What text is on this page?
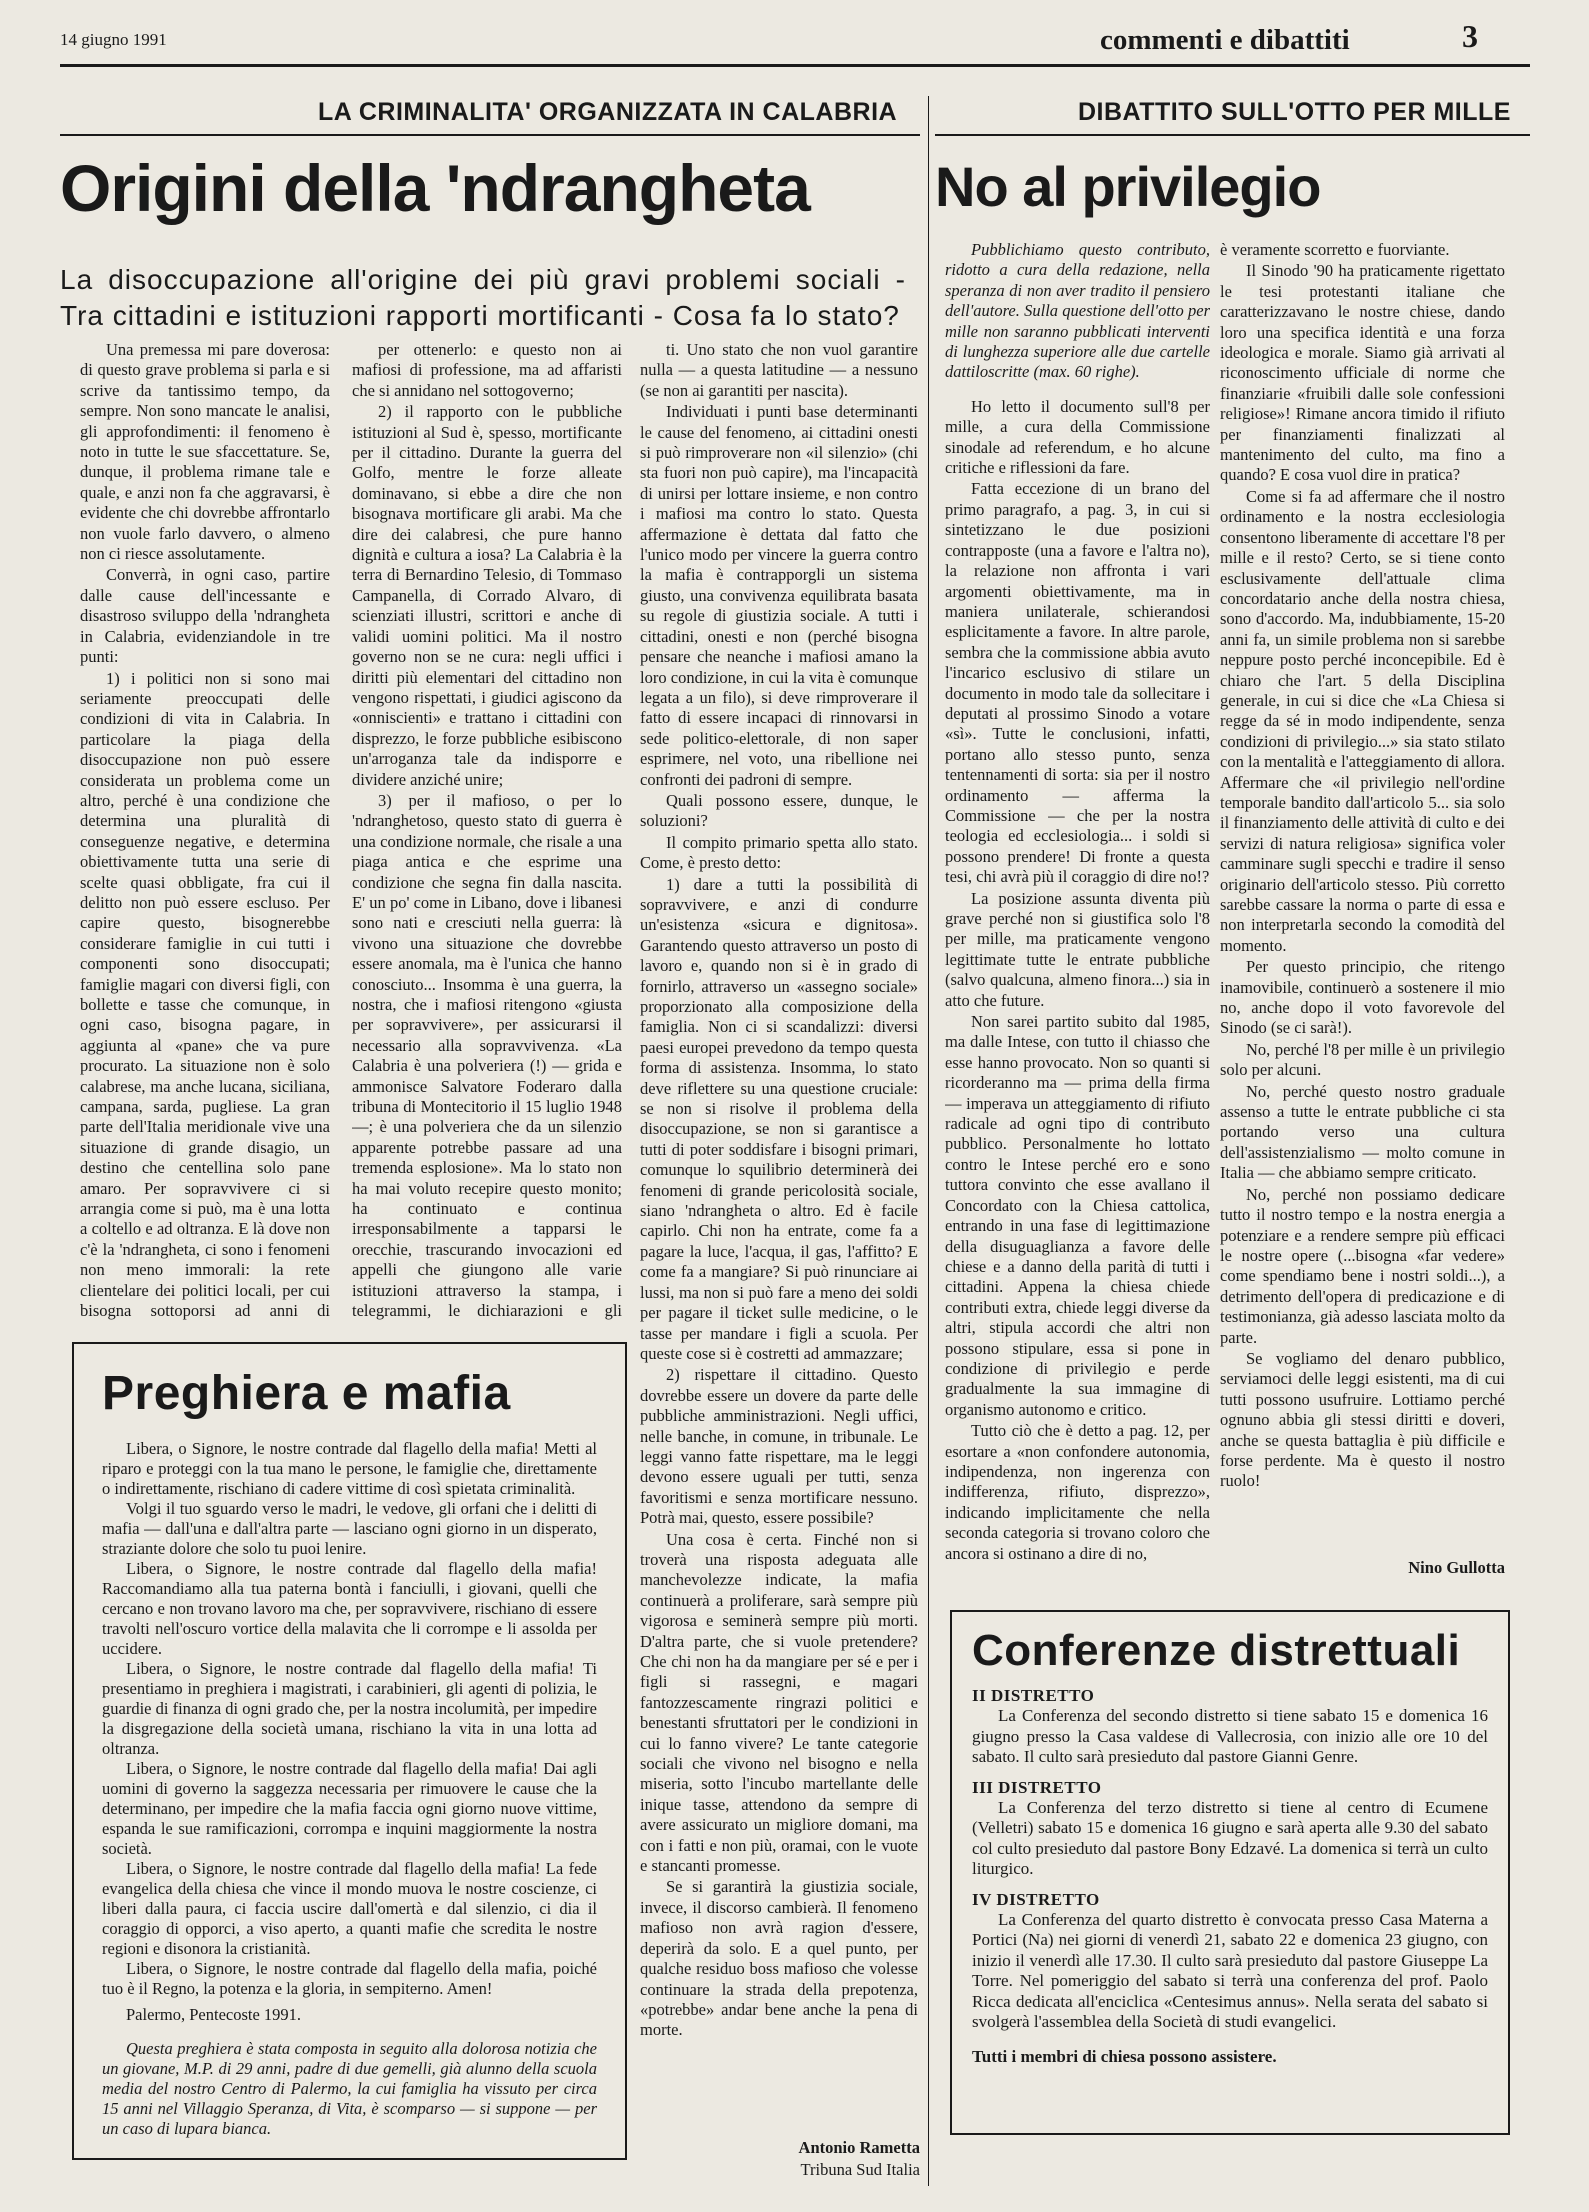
14 giugno 1991	commenti e dibattiti	3
LA CRIMINALITA' ORGANIZZATA IN CALABRIA
Origini della 'ndrangheta
DIBATTITO SULL'OTTO PER MILLE
No al privilegio
La disoccupazione all'origine dei più gravi problemi sociali - Tra cittadini e istituzioni rapporti mortificanti - Cosa fa lo stato?

Una premessa mi pare doverosa: di questo grave problema si parla e si scrive da tantissimo tempo, da sempre. Non sono mancate le analisi, gli approfondimenti: il fenomeno è noto in tutte le sue sfaccettature. Se, dunque, il problema rimane tale e quale, e anzi non fa che aggravarsi, è evidente che chi dovrebbe affrontarlo non vuole farlo davvero, o almeno non ci riesce assolutamente.

Converrà, in ogni caso, partire dalle cause dell'incessante e disastroso sviluppo della 'ndrangheta in Calabria, evidenziandole in tre punti:

1) i politici non si sono mai seriamente preoccupati delle condizioni di vita in Calabria. In particolare la piaga della disoccupazione non può essere considerata un problema come un altro, perché è una condizione che determina una pluralità di conseguenze negative, e determina obiettivamente tutta una serie di scelte quasi obbligate, fra cui il delitto non può essere escluso. Per capire questo, bisognerebbe considerare famiglie in cui tutti i componenti sono disoccupati; famiglie magari con diversi figli, con bollette e tasse che comunque, in ogni caso, bisogna pagare, in aggiunta al «pane» che va pure procurato. La situazione non è solo calabrese, ma anche lucana, siciliana, campana, sarda, pugliese. La gran parte dell'Italia meridionale vive una situazione di grande disagio, un destino che centellina solo pane amaro. Per sopravvivere ci si arrangia come si può, ma è una lotta a coltello e ad oltranza. E là dove non c'è la 'ndrangheta, ci sono i fenomeni non meno immorali: la rete clientelare dei politici locali, per cui bisogna sottoporsi ad anni di

per ottenerlo: e questo non ai mafiosi di professione, ma ad affaristi che si annidano nel sottogoverno;

2) il rapporto con le pubbliche istituzioni al Sud è, spesso, mortificante per il cittadino. Durante la guerra del Golfo, mentre le forze alleate dominavano, si ebbe a dire che non bisognava mortificare gli arabi. Ma che dire dei calabresi, che pure hanno dignità e cultura a iosa? La Calabria è la terra di Bernardino Telesio, di Tommaso Campanella, di Corrado Alvaro, di scienziati illustri, scrittori e anche di validi uomini politici. Ma il nostro governo non se ne cura: negli uffici i diritti più elementari del cittadino non vengono rispettati, i giudici agiscono da «onniscienti» e trattano i cittadini con disprezzo, le forze pubbliche esibiscono un'arroganza tale da indisporre e dividere anziché unire;

3) per il mafioso, o per lo 'ndranghetoso, questo stato di guerra è una condizione normale, che risale a una piaga antica e che esprime una condizione che segna fin dalla nascita. E' un po' come in Libano, dove i libanesi sono nati e cresciuti nella guerra: là vivono una situazione che dovrebbe essere anomala, ma è l'unica che hanno conosciuto... Insomma è una guerra, la nostra, che i mafiosi ritengono «giusta per sopravvivere», per assicurarsi il necessario alla sopravvivenza. «La Calabria è una polveriera (!) — grida e ammonisce Salvatore Foderaro dalla tribuna di Montecitorio il 15 luglio 1948 —; è una polveriera che da un silenzio apparente potrebbe passare ad una tremenda esplosione». Ma lo stato non ha mai voluto recepire questo monito; ha continuato e continua irresponsabilmente a tapparsi le orecchie, trascurando invocazioni ed appelli che giungono alle varie istituzioni attraverso la stampa, i telegrammi, le dichiarazioni e gli

ti. Uno stato che non vuol garantire nulla — a questa latitudine — a nessuno (se non ai garantiti per nascita).

Individuati i punti base determinanti le cause del fenomeno, ai cittadini onesti si può rimproverare non «il silenzio» (chi sta fuori non può capire), ma l'incapacità di unirsi per lottare insieme, e non contro i mafiosi ma contro lo stato. Questa affermazione è dettata dal fatto che l'unico modo per vincere la guerra contro la mafia è contrapporgli un sistema giusto, una convivenza equilibrata basata su regole di giustizia sociale. A tutti i cittadini, onesti e non (perché bisogna pensare che neanche i mafiosi amano la loro condizione, in cui la vita è comunque legata a un filo), si deve rimproverare il fatto di essere incapaci di rinnovarsi in sede politico-elettorale, di non saper esprimere, nel voto, una ribellione nei confronti dei padroni di sempre.

Quali possono essere, dunque, le soluzioni?

Il compito primario spetta allo stato. Come, è presto detto:

1) dare a tutti la possibilità di sopravvivere, e anzi di condurre un'esistenza «sicura e dignitosa». Garantendo questo attraverso un posto di lavoro e, quando non si è in grado di fornirlo, attraverso un «assegno sociale» proporzionato alla composizione della famiglia. Non ci si scandalizzi: diversi paesi europei prevedono da tempo questa forma di assistenza. Insomma, lo stato deve riflettere su una questione cruciale: se non si risolve il problema della disoccupazione, se non si garantisce a tutti di poter soddisfare i bisogni primari, comunque lo squilibrio determinerà dei fenomeni di grande pericolosità sociale, siano 'ndrangheta o altro. Ed è facile capirlo. Chi non ha entrate, come fa a pagare la luce, l'acqua, il gas, l'affitto? E come fa a mangiare? Si può rinunciare ai lussi, ma non si può fare a meno dei soldi per pagare il ticket sulle medicine, o le tasse per mandare i figli a scuola. Per queste cose si è costretti ad ammazzare;

2) rispettare il cittadino. Questo dovrebbe essere un dovere da parte delle pubbliche amministrazioni. Negli uffici, nelle banche, in comune, in tribunale. Le leggi vanno fatte rispettare, ma le leggi devono essere uguali per tutti, senza favoritismi e senza mortificare nessuno. Potrà mai, questo, essere possibile?

Una cosa è certa. Finché non si troverà una risposta adeguata alle manchevolezze indicate, la mafia continuerà a proliferare, sarà sempre più vigorosa e seminerà sempre più morti. D'altra parte, che si vuole pretendere? Che chi non ha da mangiare per sé e per i figli si rassegni, e magari fantozzescamente ringrazi politici e benestanti sfruttatori per le condizioni in cui lo fanno vivere? Le tante categorie sociali che vivono nel bisogno e nella miseria, sotto l'incubo martellante delle inique tasse, attendono da sempre di avere assicurato un migliore domani, ma con i fatti e non più, oramai, con le vuote e stancanti promesse.

Se si garantirà la giustizia sociale, invece, il discorso cambierà. Il fenomeno mafioso non avrà ragion d'essere, deperirà da solo. E a quel punto, per qualche residuo boss mafioso che volesse continuare la strada della prepotenza, «potrebbe» andar bene anche la pena di morte.

Antonio Rametta
Tribuna Sud Italia

Pubblichiamo questo contributo, ridotto a cura della redazione, nella speranza di non aver tradito il pensiero dell'autore. Sulla questione dell'otto per mille non saranno pubblicati interventi di lunghezza superiore alle due cartelle dattiloscritte (max. 60 righe).

Ho letto il documento sull'8 per mille, a cura della Commissione sinodale ad referendum, e ho alcune critiche e riflessioni da fare.

Fatta eccezione di un brano del primo paragrafo, a pag. 3, in cui si sintetizzano le due posizioni contrapposte (una a favore e l'altra no), la relazione non affronta i vari argomenti obiettivamente, ma in maniera unilaterale, schierandosi esplicitamente a favore. In altre parole, sembra che la commissione abbia avuto l'incarico esclusivo di stilare un documento in modo tale da sollecitare i deputati al prossimo Sinodo a votare «sì». Tutte le conclusioni, infatti, portano allo stesso punto, senza tentennamenti di sorta: sia per il nostro ordinamento — afferma la Commissione — che per la nostra teologia ed ecclesiologia... i soldi si possono prendere! Di fronte a questa tesi, chi avrà più il coraggio di dire no!?

La posizione assunta diventa più grave perché non si giustifica solo l'8 per mille, ma praticamente vengono legittimate tutte le entrate pubbliche (salvo qualcuna, almeno finora...) sia in atto che future.

Non sarei partito subito dal 1985, ma dalle Intese, con tutto il chiasso che esse hanno provocato. Non so quanti si ricorderanno ma — prima della firma — imperava un atteggiamento di rifiuto radicale ad ogni tipo di contributo pubblico. Personalmente ho lottato contro le Intese perché ero e sono tuttora convinto che esse avallano il Concordato con la Chiesa cattolica, entrando in una fase di legittimazione della disuguaglianza a favore delle chiese e a danno della parità di tutti i cittadini. Appena la chiesa chiede contributi extra, chiede leggi diverse da altri, stipula accordi che altri non possono stipulare, essa si pone in condizione di privilegio e perde gradualmente la sua immagine di organismo autonomo e critico.

Tutto ciò che è detto a pag. 12, per esortare a «non confondere autonomia, indipendenza, non ingerenza con indifferenza, rifiuto, disprezzo», indicando implicitamente che nella seconda categoria si trovano coloro che ancora si ostinano a dire di no,

è veramente scorretto e fuorviante.

Il Sinodo '90 ha praticamente rigettato le tesi protestanti italiane che caratterizzavano le nostre chiese, dando loro una specifica identità e una forza ideologica e morale. Siamo già arrivati al riconoscimento ufficiale di norme che finanziarie «fruibili dalle sole confessioni religiose»! Rimane ancora timido il rifiuto per finanziamenti finalizzati al mantenimento del culto, ma fino a quando? E cosa vuol dire in pratica?

Come si fa ad affermare che il nostro ordinamento e la nostra ecclesiologia consentono liberamente di accettare l'8 per mille e il resto? Certo, se si tiene conto esclusivamente dell'attuale clima concordatario anche della nostra chiesa, sono d'accordo. Ma, indubbiamente, 15-20 anni fa, un simile problema non si sarebbe neppure posto perché inconcepibile. Ed è chiaro che l'art. 5 della Disciplina generale, in cui si dice che «La Chiesa si regge da sé in modo indipendente, senza condizioni di privilegio...» sia stato stilato con la mentalità e l'atteggiamento di allora. Affermare che «il privilegio nell'ordine temporale bandito dall'articolo 5... sia solo il finanziamento delle attività di culto e dei servizi di natura religiosa» significa voler camminare sugli specchi e tradire il senso originario dell'articolo stesso. Più corretto sarebbe cassare la norma o parte di essa e non interpretarla secondo la comodità del momento.

Per questo principio, che ritengo inamovibile, continuerò a sostenere il mio no, anche dopo il voto favorevole del Sinodo (se ci sarà!).

No, perché l'8 per mille è un privilegio solo per alcuni.

No, perché questo nostro graduale assenso a tutte le entrate pubbliche ci sta portando verso una cultura dell'assistenzialismo — molto comune in Italia — che abbiamo sempre criticato.

No, perché non possiamo dedicare tutto il nostro tempo e la nostra energia a potenziare e a rendere sempre più efficaci le nostre opere (...bisogna «far vedere» come spendiamo bene i nostri soldi...), a detrimento dell'opera di predicazione e di testimonianza, già adesso lasciata molto da parte.

Se vogliamo del denaro pubblico, serviamoci delle leggi esistenti, ma di cui tutti possono usufruire. Lottiamo perché ognuno abbia gli stessi diritti e doveri, anche se questa battaglia è più difficile e forse perdente. Ma è questo il nostro ruolo!

Nino Gullotta
Preghiera e mafia

Libera, o Signore, le nostre contrade dal flagello della mafia! Metti al riparo e proteggi con la tua mano le persone, le famiglie che, direttamente o indirettamente, rischiano di cadere vittime di così spietata criminalità.

Volgi il tuo sguardo verso le madri, le vedove, gli orfani che i delitti di mafia — dall'una e dall'altra parte — lasciano ogni giorno in un disperato, straziante dolore che solo tu puoi lenire.

Libera, o Signore, le nostre contrade dal flagello della mafia! Raccomandiamo alla tua paterna bontà i fanciulli, i giovani, quelli che cercano e non trovano lavoro ma che, per sopravvivere, rischiano di essere travolti nell'oscuro vortice della malavita che li corrompe e li assolda per uccidere.

Libera, o Signore, le nostre contrade dal flagello della mafia! Ti presentiamo in preghiera i magistrati, i carabinieri, gli agenti di polizia, le guardie di finanza di ogni grado che, per la nostra incolumità, per impedire la disgregazione della società umana, rischiano la vita in una lotta ad oltranza.

Libera, o Signore, le nostre contrade dal flagello della mafia! Dai agli uomini di governo la saggezza necessaria per rimuovere le cause che la determinano, per impedire che la mafia faccia ogni giorno nuove vittime, espanda le sue ramificazioni, corrompa e inquini maggiormente la nostra società.

Libera, o Signore, le nostre contrade dal flagello della mafia! La fede evangelica della chiesa che vince il mondo muova le nostre coscienze, ci liberi dalla paura, ci faccia uscire dall'omertà e dal silenzio, ci dia il coraggio di opporci, a viso aperto, a quanti mafie che scredita le nostre regioni e disonora la cristianità.

Libera, o Signore, le nostre contrade dal flagello della mafia, poiché tuo è il Regno, la potenza e la gloria, in sempiterno. Amen!

Palermo, Pentecoste 1991.

Questa preghiera è stata composta in seguito alla dolorosa notizia che un giovane, M.P. di 29 anni, padre di due gemelli, già alunno della scuola media del nostro Centro di Palermo, la cui famiglia ha vissuto per circa 15 anni nel Villaggio Speranza, di Vita, è scomparso — si suppone — per un caso di lupara bianca.

Conferenze distrettuali
II DISTRETTO

La Conferenza del secondo distretto si tiene sabato 15 e domenica 16 giugno presso la Casa valdese di Vallecrosia, con inizio alle ore 10 del sabato. Il culto sarà presieduto dal pastore Gianni Genre.

III DISTRETTO

La Conferenza del terzo distretto si tiene al centro di Ecumene (Velletri) sabato 15 e domenica 16 giugno e sarà aperta alle 9.30 del sabato col culto presieduto dal pastore Bony Edzavé. La domenica si terrà un culto liturgico.

IV DISTRETTO

La Conferenza del quarto distretto è convocata presso Casa Materna a Portici (Na) nei giorni di venerdì 21, sabato 22 e domenica 23 giugno, con inizio il venerdì alle 17.30. Il culto sarà presieduto dal pastore Giuseppe La Torre. Nel pomeriggio del sabato si terrà una conferenza del prof. Paolo Ricca dedicata all'enciclica «Centesimus annus». Nella serata del sabato si svolgerà l'assemblea della Società di studi evangelici.

Tutti i membri di chiesa possono assistere.
